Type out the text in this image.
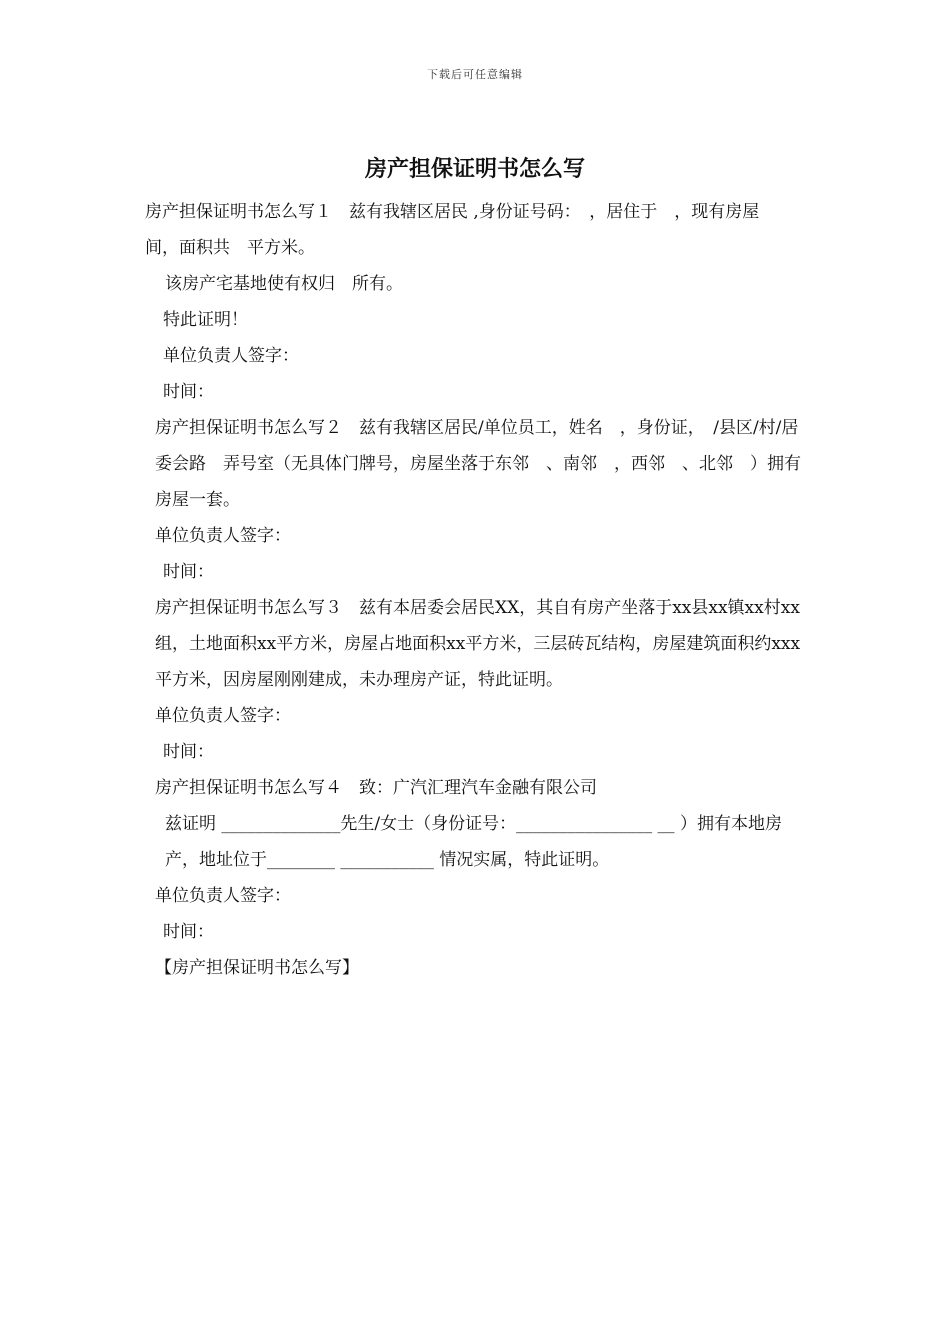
下载后可任意编辑
房产担保证明书怎么写

房产担保证明书怎么写１　兹有我辖区居民 ,身份证号码：　，居住于　，现有房屋　间，面积共　平方米。

该房产宅基地使有权归　所有。

特此证明！

单位负责人签字：

时间：

房产担保证明书怎么写２　兹有我辖区居民/单位员工，姓名　，身份证，　/县区/村/居委会路　弄号室（无具体门牌号，房屋坐落于东邻　、南邻　，西邻　、北邻　）拥有房屋一套。

单位负责人签字：

时间：

房产担保证明书怎么写３　兹有本居委会居民XX，其自有房产坐落于xx县xx镇xx村xx组，土地面积xx平方米，房屋占地面积xx平方米，三层砖瓦结构，房屋建筑面积约xxx平方米，因房屋刚刚建成，未办理房产证，特此证明。

单位负责人签字：

时间：

房产担保证明书怎么写４　致：广汽汇理汽车金融有限公司

兹证明 ______________先生/女士（身份证号：________________ __ ）拥有本地房产，地址位于________ ___________ 情况实属，特此证明。

单位负责人签字：

时间：

【房产担保证明书怎么写】
